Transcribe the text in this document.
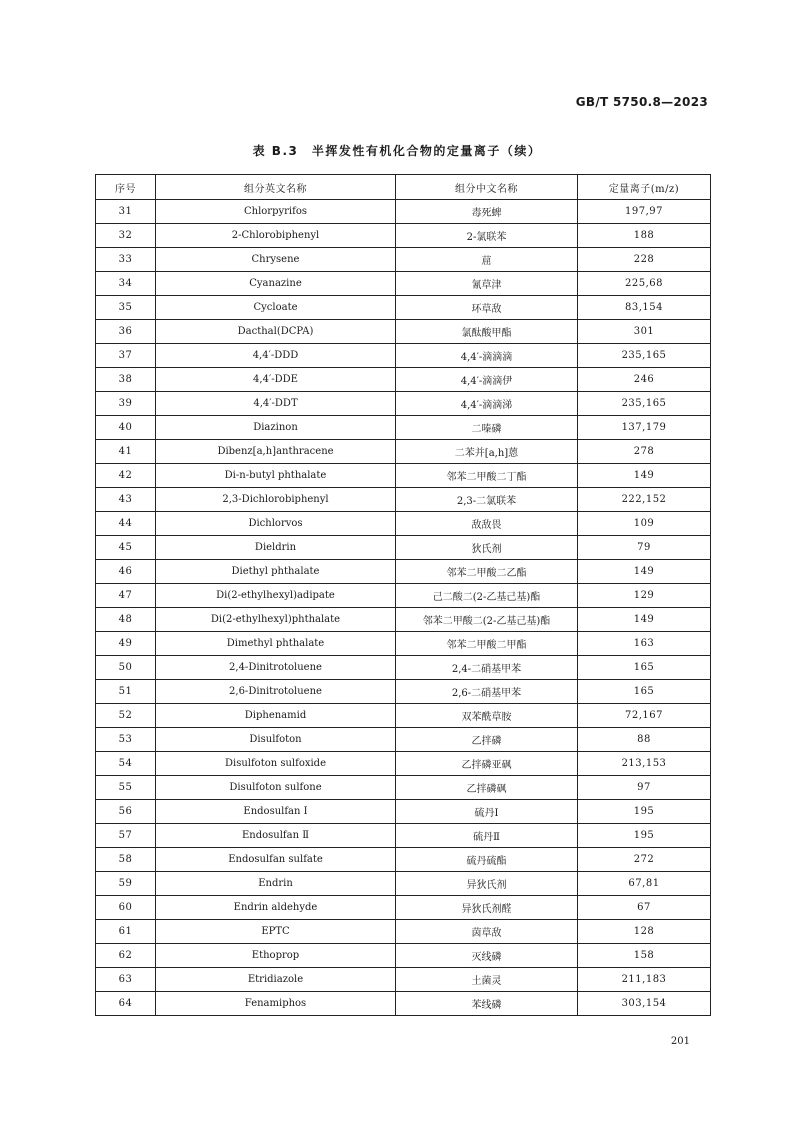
GB/T 5750.8—2023
表 B.3　半挥发性有机化合物的定量离子（续）
序号	组分英文名称	组分中文名称	定量离子(m/z)
31	Chlorpyrifos	毒死蜱	197,97
32	2-Chlorobiphenyl	2-氯联苯	188
33	Chrysene	䓛	228
34	Cyanazine	氰草津	225,68
35	Cycloate	环草敌	83,154
36	Dacthal(DCPA)	氯酞酸甲酯	301
37	4,4′-DDD	4,4′-滴滴滴	235,165
38	4,4′-DDE	4,4′-滴滴伊	246
39	4,4′-DDT	4,4′-滴滴涕	235,165
40	Diazinon	二嗪磷	137,179
41	Dibenz[a,h]anthracene	二苯并[a,h]蒽	278
42	Di-n-butyl phthalate	邻苯二甲酸二丁酯	149
43	2,3-Dichlorobiphenyl	2,3-二氯联苯	222,152
44	Dichlorvos	敌敌畏	109
45	Dieldrin	狄氏剂	79
46	Diethyl phthalate	邻苯二甲酸二乙酯	149
47	Di(2-ethylhexyl)adipate	己二酸二(2-乙基己基)酯	129
48	Di(2-ethylhexyl)phthalate	邻苯二甲酸二(2-乙基己基)酯	149
49	Dimethyl phthalate	邻苯二甲酸二甲酯	163
50	2,4-Dinitrotoluene	2,4-二硝基甲苯	165
51	2,6-Dinitrotoluene	2,6-二硝基甲苯	165
52	Diphenamid	双苯酰草胺	72,167
53	Disulfoton	乙拌磷	88
54	Disulfoton sulfoxide	乙拌磷亚砜	213,153
55	Disulfoton sulfone	乙拌磷砜	97
56	Endosulfan Ⅰ	硫丹Ⅰ	195
57	Endosulfan Ⅱ	硫丹Ⅱ	195
58	Endosulfan sulfate	硫丹硫酯	272
59	Endrin	异狄氏剂	67,81
60	Endrin aldehyde	异狄氏剂醛	67
61	EPTC	茵草敌	128
62	Ethoprop	灭线磷	158
63	Etridiazole	土菌灵	211,183
64	Fenamiphos	苯线磷	303,154
201
